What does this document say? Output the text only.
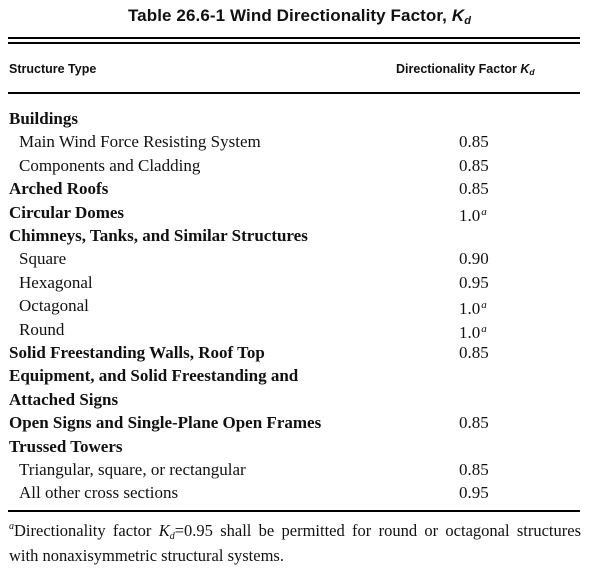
Table 26.6-1 Wind Directionality Factor, Kd
Structure Type	Directionality Factor Kd
Buildings
Main Wind Force Resisting System	0.85
Components and Cladding	0.85
Arched Roofs	0.85
Circular Domes	1.0$^a$
Chimneys, Tanks, and Similar Structures
Square	0.90
Hexagonal	0.95
Octagonal	1.0$^a$
Round	1.0$^a$
Solid Freestanding Walls, Roof Top	0.85
Equipment, and Solid Freestanding and
Attached Signs
Open Signs and Single-Plane Open Frames	0.85
Trussed Towers
Triangular, square, or rectangular	0.85
All other cross sections	0.95
$^a$Directionality factor Kd=0.95 shall be permitted for round or octagonal structures with nonaxisymmetric structural systems.
